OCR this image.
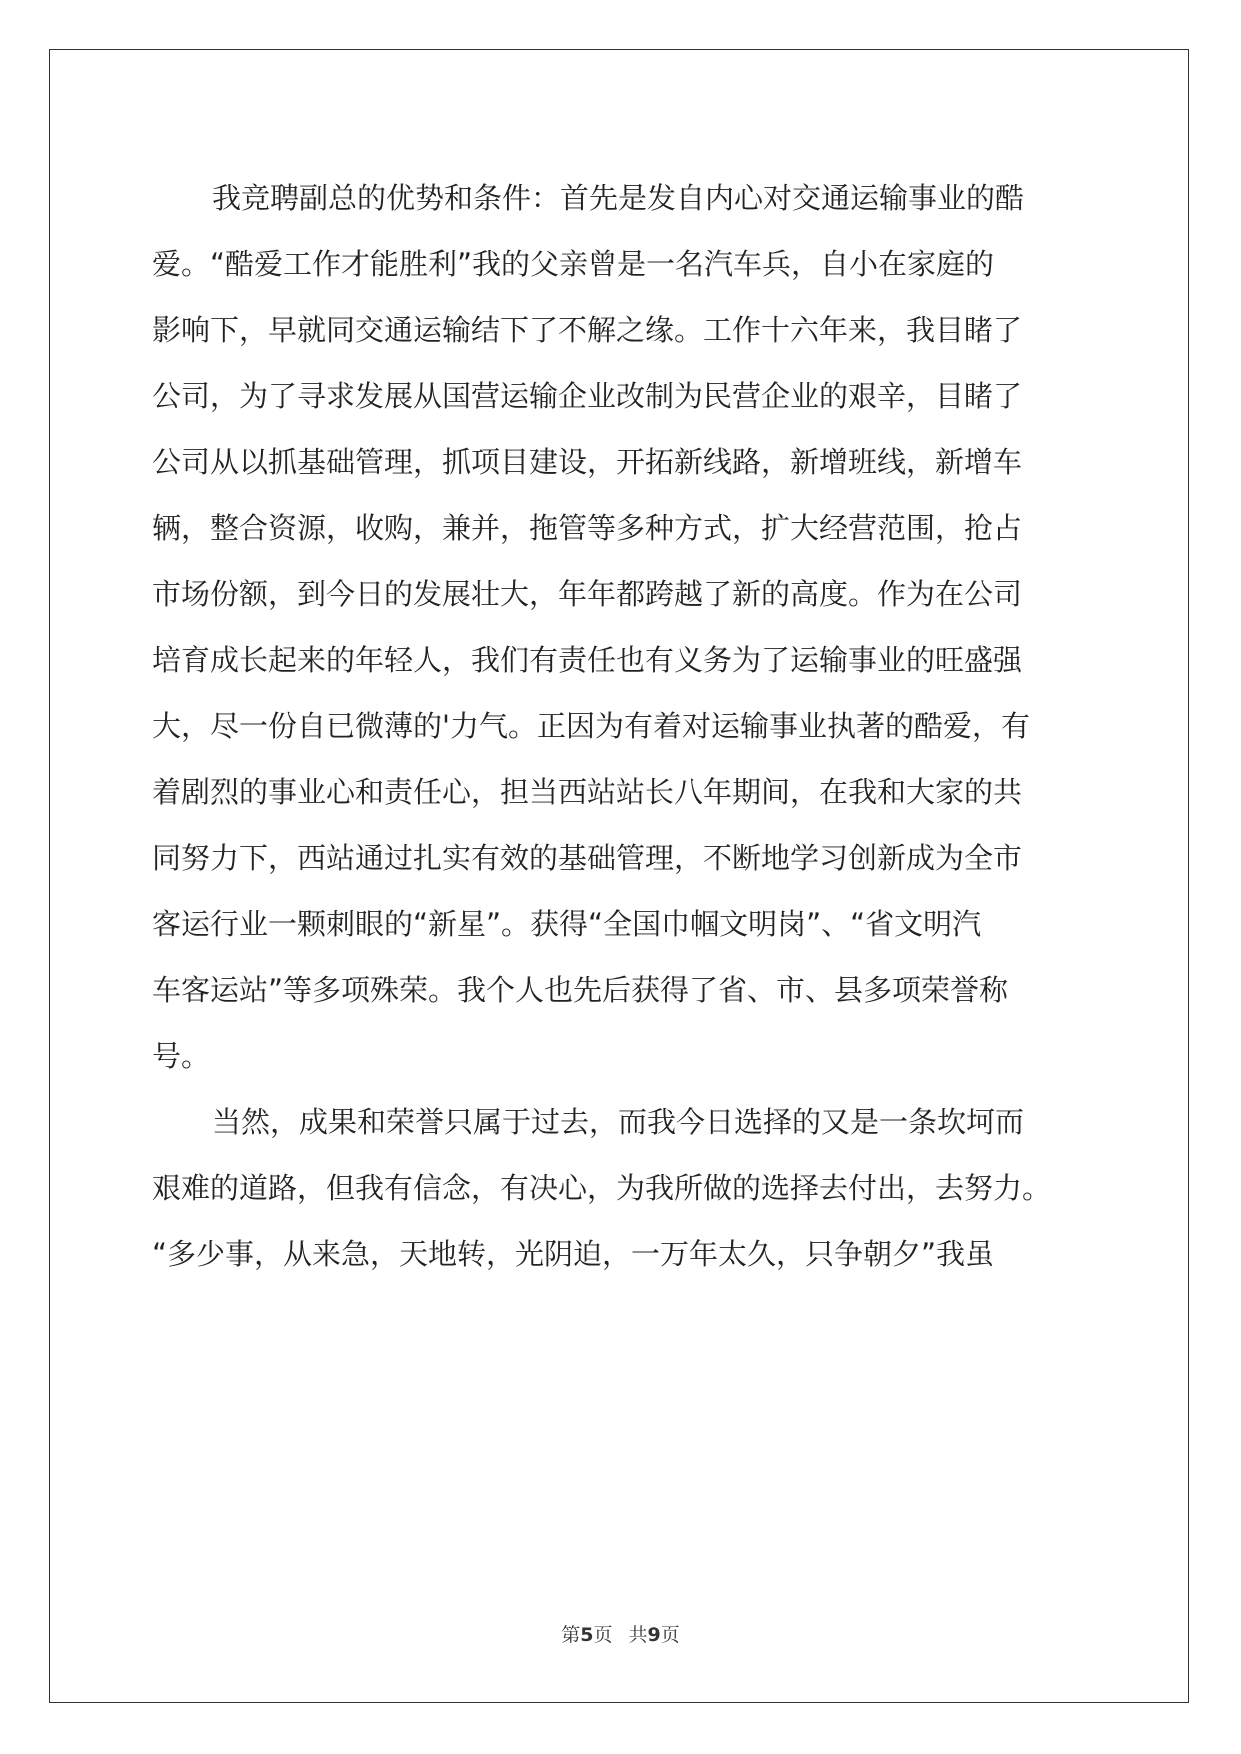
我竞聘副总的优势和条件：首先是发自内心对交通运输事业的酷
爱。“酷爱工作才能胜利”我的父亲曾是一名汽车兵，自小在家庭的
影响下，早就同交通运输结下了不解之缘。工作十六年来，我目睹了
公司，为了寻求发展从国营运输企业改制为民营企业的艰辛，目睹了
公司从以抓基础管理，抓项目建设，开拓新线路，新增班线，新增车
辆，整合资源，收购，兼并，拖管等多种方式，扩大经营范围，抢占
市场份额，到今日的发展壮大，年年都跨越了新的高度。作为在公司
培育成长起来的年轻人，我们有责任也有义务为了运输事业的旺盛强
大，尽一份自已微薄的'力气。正因为有着对运输事业执著的酷爱，有
着剧烈的事业心和责任心，担当西站站长八年期间，在我和大家的共
同努力下，西站通过扎实有效的基础管理，不断地学习创新成为全市
客运行业一颗刺眼的“新星”。获得“全国巾帼文明岗”、“省文明汽
车客运站”等多项殊荣。我个人也先后获得了省、市、县多项荣誉称
号。
当然，成果和荣誉只属于过去，而我今日选择的又是一条坎坷而
艰难的道路，但我有信念，有决心，为我所做的选择去付出，去努力。
“多少事，从来急，天地转，光阴迫，一万年太久，只争朝夕”我虽
第5页 共9页
